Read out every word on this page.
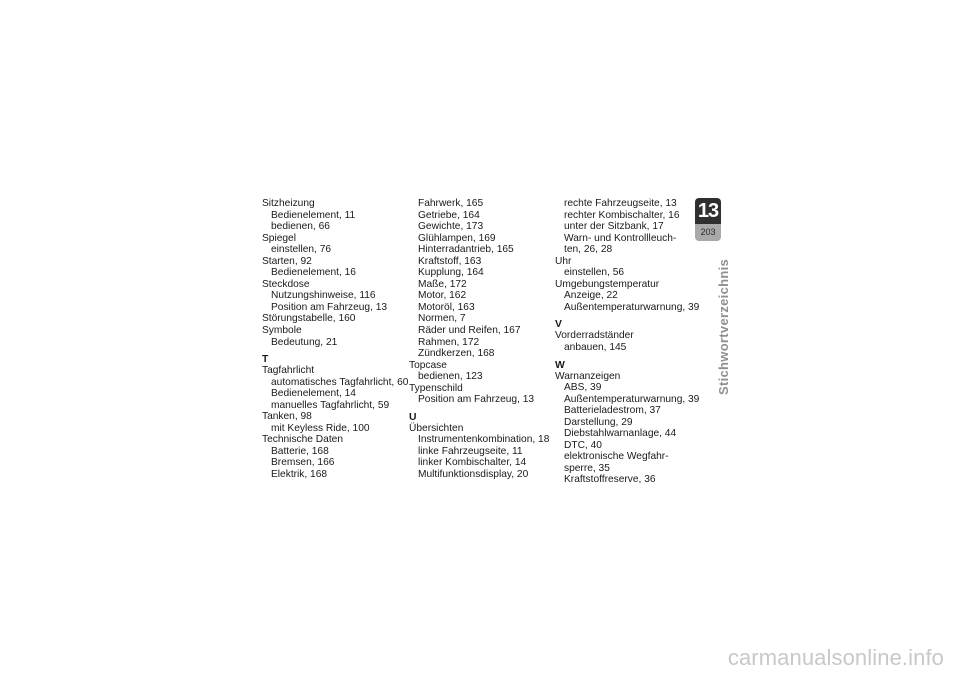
Sitzheizung
Bedienelement, 11
bedienen, 66
Spiegel
einstellen, 76
Starten, 92
Bedienelement, 16
Steckdose
Nutzungshinweise, 116
Position am Fahrzeug, 13
Störungstabelle, 160
Symbole
Bedeutung, 21
T
Tagfahrlicht
automatisches Tagfahrlicht, 60
Bedienelement, 14
manuelles Tagfahrlicht, 59
Tanken, 98
mit Keyless Ride, 100
Technische Daten
Batterie, 168
Bremsen, 166
Elektrik, 168
Fahrwerk, 165
Getriebe, 164
Gewichte, 173
Glühlampen, 169
Hinterradantrieb, 165
Kraftstoff, 163
Kupplung, 164
Maße, 172
Motor, 162
Motoröl, 163
Normen, 7
Räder und Reifen, 167
Rahmen, 172
Zündkerzen, 168
Topcase
bedienen, 123
Typenschild
Position am Fahrzeug, 13
U
Übersichten
Instrumentenkombination, 18
linke Fahrzeugseite, 11
linker Kombischalter, 14
Multifunktionsdisplay, 20
rechte Fahrzeugseite, 13
rechter Kombischalter, 16
unter der Sitzbank, 17
Warn- und Kontrollleuch-
ten, 26, 28
Uhr
einstellen, 56
Umgebungstemperatur
Anzeige, 22
Außentemperaturwarnung, 39
V
Vorderradständer
anbauen, 145
W
Warnanzeigen
ABS, 39
Außentemperaturwarnung, 39
Batterieladestrom, 37
Darstellung, 29
Diebstahlwarnanlage, 44
DTC, 40
elektronische Wegfahr-
sperre, 35
Kraftstoffreserve, 36
13
203
Stichwortverzeichnis
carmanualsonline.info
